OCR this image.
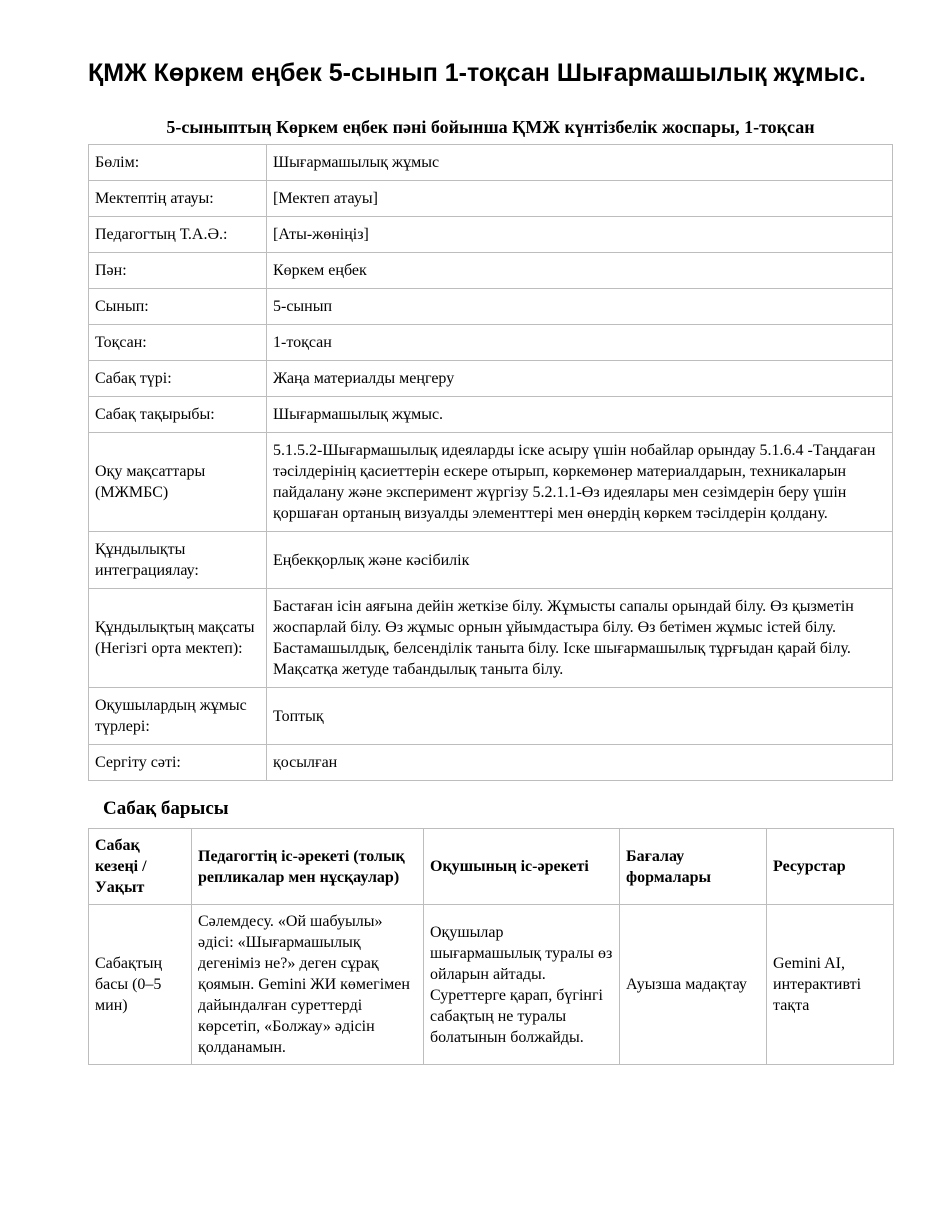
ҚМЖ Көркем еңбек 5-сынып 1-тоқсан Шығармашылық жұмыс.
5-сыныптың Көркем еңбек пәні бойынша ҚМЖ күнтізбелік жоспары, 1-тоқсан
Бөлім:	Шығармашылық жұмыс
Мектептің атауы:	[Мектеп атауы]
Педагогтың Т.А.Ә.:	[Аты-жөніңіз]
Пән:	Көркем еңбек
Сынып:	5-сынып
Тоқсан:	1-тоқсан
Сабақ түрі:	Жаңа материалды меңгеру
Сабақ тақырыбы:	Шығармашылық жұмыс.
Оқу мақсаттары (МЖМБС)	5.1.5.2-Шығармашылық идеяларды іске асыру үшін нобайлар орындау 5.1.6.4 -Таңдаған тәсілдерінің қасиеттерін ескере отырып, көркемөнер материалдарын, техникаларын пайдалану және эксперимент жүргізу 5.2.1.1-Өз идеялары мен сезімдерін беру үшін қоршаған ортаның визуалды элементтері мен өнердің көркем тәсілдерін қолдану.
Құндылықты интеграциялау:	Еңбекқорлық және кәсібилік
Құндылықтың мақсаты (Негізгі орта мектеп):	Бастаған ісін аяғына дейін жеткізе білу. Жұмысты сапалы орындай білу. Өз қызметін жоспарлай білу. Өз жұмыс орнын ұйымдастыра білу. Өз бетімен жұмыс істей білу. Бастамашылдық, белсенділік таныта білу. Іске шығармашылық тұрғыдан қарай білу. Мақсатқа жетуде табандылық таныта білу.
Оқушылардың жұмыс түрлері:	Топтық
Сергіту сәті:	қосылған
Сабақ барысы
Сабақ кезеңі / Уақыт	Педагогтің іс-әрекеті (толық репликалар мен нұсқаулар)	Оқушының іс-әрекеті	Бағалау формалары	Ресурстар
Сабақтың басы (0–5 мин)	Сәлемдесу. «Ой шабуылы» әдісі: «Шығармашылық дегеніміз не?» деген сұрақ қоямын. Gemini ЖИ көмегімен дайындалған суреттерді көрсетіп, «Болжау» әдісін қолданамын.	Оқушылар шығармашылық туралы өз ойларын айтады. Суреттерге қарап, бүгінгі сабақтың не туралы болатынын болжайды.	Ауызша мадақтау	Gemini AI, интерактивті тақта
